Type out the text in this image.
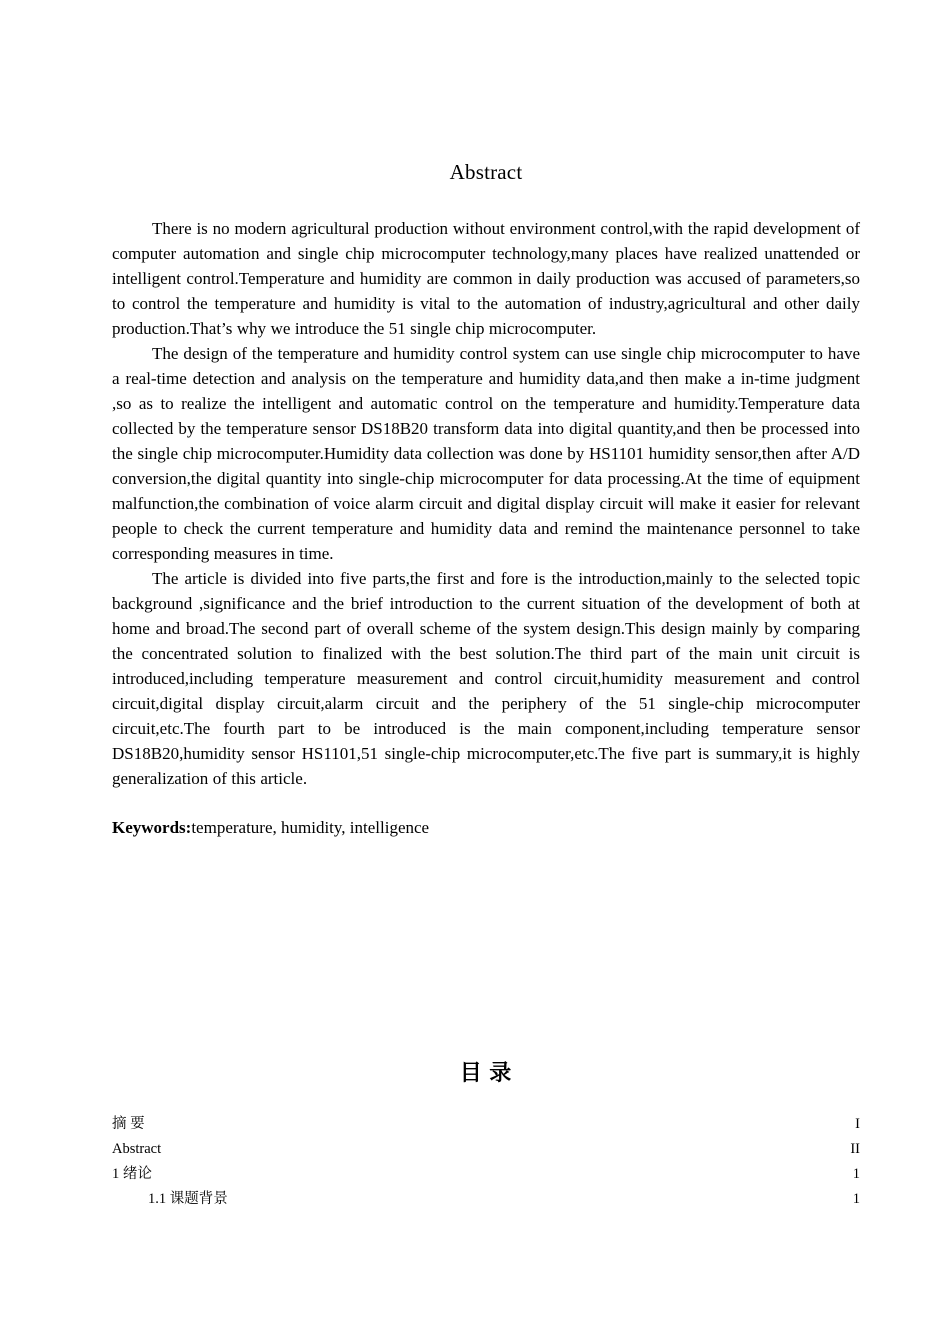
Abstract

There is no modern agricultural production without environment control,with the rapid development of computer automation and single chip microcomputer technology,many places have realized unattended or intelligent control.Temperature and humidity are common in daily production was accused of parameters,so to control the temperature and humidity is vital to the automation of industry,agricultural and other daily production.That’s why we introduce the 51 single chip microcomputer.

The design of the temperature and humidity control system can use single chip microcomputer to have a real-time detection and analysis on the temperature and humidity data,and then make a in-time judgment ,so as to realize the intelligent and automatic control on the temperature and humidity.Temperature data collected by the temperature sensor DS18B20 transform data into digital quantity,and then be processed into the single chip microcomputer.Humidity data collection was done by HS1101 humidity sensor,then after A/D conversion,the digital quantity into single-chip microcomputer for data processing.At the time of equipment malfunction,the combination of voice alarm circuit and digital display circuit will make it easier for relevant people to check the current temperature and humidity data and remind the maintenance personnel to take corresponding measures in time.

The article is divided into five parts,the first and fore is the introduction,mainly to the selected topic background ,significance and the brief introduction to the current situation of the development of both at home and broad.The second part of overall scheme of the system design.This design mainly by comparing the concentrated solution to finalized with the best solution.The third part of the main unit circuit is introduced,including temperature measurement and control circuit,humidity measurement and control circuit,digital display circuit,alarm circuit and the periphery of the 51 single-chip microcomputer circuit,etc.The fourth part to be introduced is the main component,including temperature sensor DS18B20,humidity sensor HS1101,51 single-chip microcomputer,etc.The five part is summary,it is highly generalization of this article.

Keywords:temperature, humidity, intelligence

目 录
摘 要 .....	I
Abstract .....	II
1 绪论 .....	1
1.1 课题背景 .....	1
